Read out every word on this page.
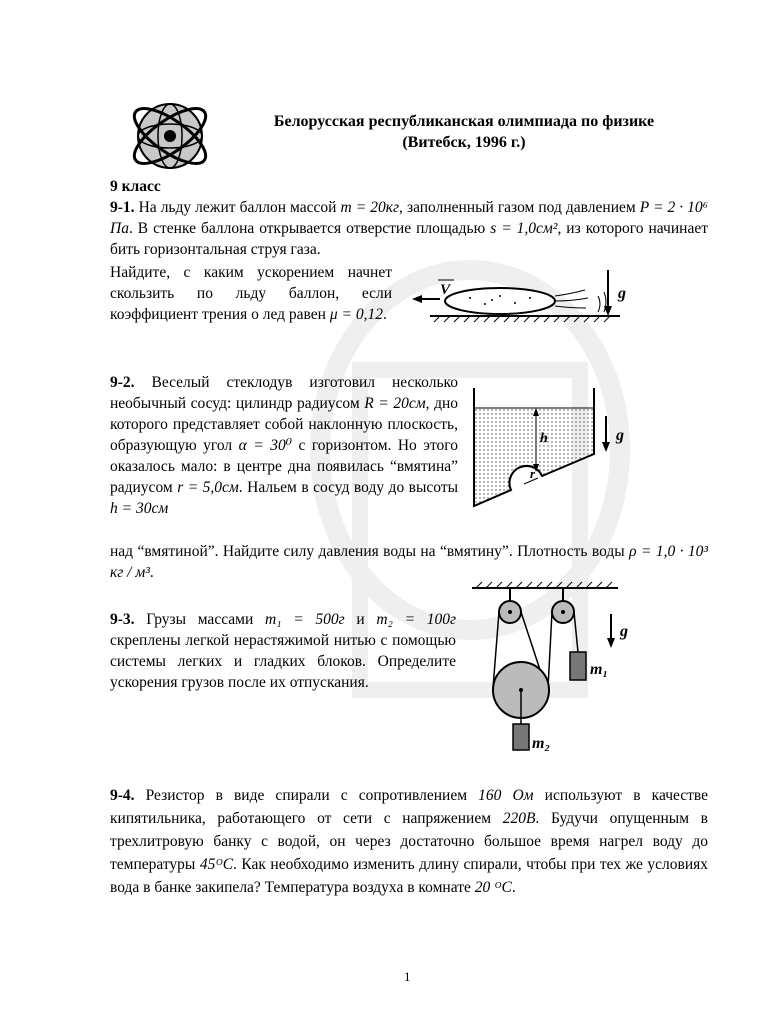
Белорусская республиканская олимпиада по физике
(Витебск, 1996 г.)
9 класс
9-1. На льду лежит баллон массой m = 20кг, заполненный газом под давлением P = 2 · 10⁶ Па. В стенке баллона открывается отверстие площадью s = 1,0см², из которого начинает бить горизонтальная струя газа.
Найдите, с каким ускорением начнет скользить по льду баллон, если коэффициент трения о лед равен μ = 0,12.
V	g
9-2. Веселый стеклодув изготовил несколько необычный сосуд: цилиндр радиусом R = 20см, дно которого представляет собой наклонную плоскость, образующую угол α = 30⁰ с горизонтом. Но этого оказалось мало: в центре дна появилась “вмятина” радиусом r = 5,0см. Нальем в сосуд воду до высоты h = 30см
над “вмятиной”. Найдите силу давления воды на “вмятину”. Плотность воды ρ = 1,0 · 10³ кг / м³.
h
r
g
9-3. Грузы массами m₁ = 500г и m₂ = 100г скреплены легкой нерастяжимой нитью с помощью системы легких и гладких блоков. Определите ускорения грузов после их отпускания.
m₁
m₂
g
9-4. Резистор в виде спирали с сопротивлением 160 Ом используют в качестве кипятильника, работающего от сети с напряжением 220В. Будучи опущенным в трехлитровую банку с водой, он через достаточно большое время нагрел воду до температуры 45ᴼС. Как необходимо изменить длину спирали, чтобы при тех же условиях вода в банке закипела? Температура воздуха в комнате 20 ᴼС.
1
